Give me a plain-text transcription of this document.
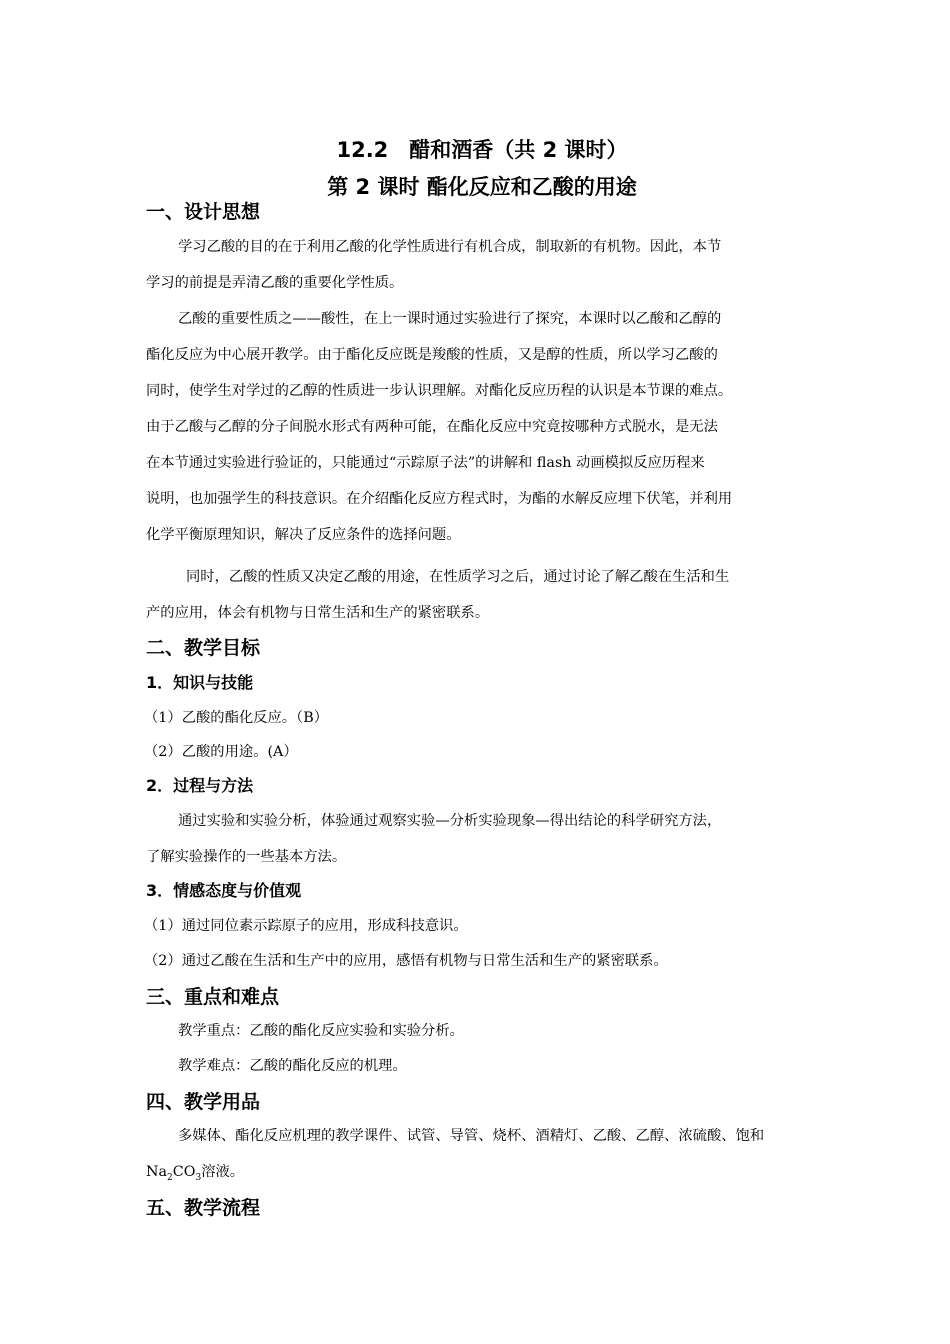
12.2　醋和酒香（共 2 课时）
第 2 课时 酯化反应和乙酸的用途
一、设计思想
学习乙酸的目的在于利用乙酸的化学性质进行有机合成，制取新的有机物。因此，本节
学习的前提是弄清乙酸的重要化学性质。
乙酸的重要性质之——酸性，在上一课时通过实验进行了探究，本课时以乙酸和乙醇的
酯化反应为中心展开教学。由于酯化反应既是羧酸的性质，又是醇的性质，所以学习乙酸的
同时，使学生对学过的乙醇的性质进一步认识理解。对酯化反应历程的认识是本节课的难点。
由于乙酸与乙醇的分子间脱水形式有两种可能，在酯化反应中究竟按哪种方式脱水，是无法
在本节通过实验进行验证的，只能通过“示踪原子法”的讲解和 flash 动画模拟反应历程来
说明，也加强学生的科技意识。在介绍酯化反应方程式时，为酯的水解反应埋下伏笔，并利用
化学平衡原理知识，解决了反应条件的选择问题。
同时，乙酸的性质又决定乙酸的用途，在性质学习之后，通过讨论了解乙酸在生活和生
产的应用，体会有机物与日常生活和生产的紧密联系。
二、教学目标
1．知识与技能
（1）乙酸的酯化反应。（B）
（2）乙酸的用途。(A）
2．过程与方法
通过实验和实验分析，体验通过观察实验—分析实验现象—得出结论的科学研究方法，
了解实验操作的一些基本方法。
3．情感态度与价值观
（1）通过同位素示踪原子的应用，形成科技意识。
（2）通过乙酸在生活和生产中的应用，感悟有机物与日常生活和生产的紧密联系。
三、重点和难点
教学重点：乙酸的酯化反应实验和实验分析。
教学难点：乙酸的酯化反应的机理。
四、教学用品
多媒体、酯化反应机理的教学课件、试管、导管、烧杯、酒精灯、乙酸、乙醇、浓硫酸、饱和
$Na_2CO_3$溶液。
五、教学流程
